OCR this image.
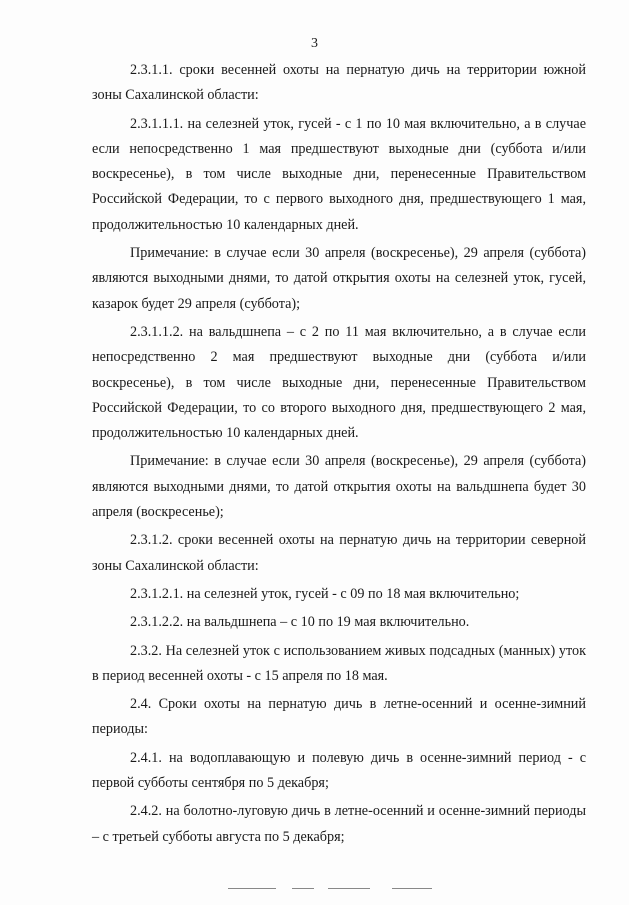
3

2.3.1.1. сроки весенней охоты на пернатую дичь на территории южной зоны Сахалинской области:

2.3.1.1.1. на селезней уток, гусей - с 1 по 10 мая включительно, а в случае если непосредственно 1 мая предшествуют выходные дни (суббота и/или воскресенье), в том числе выходные дни, перенесенные Правительством Российской Федерации, то с первого выходного дня, предшествующего 1 мая, продолжительностью 10 календарных дней.

Примечание: в случае если 30 апреля (воскресенье), 29 апреля (суббота) являются выходными днями, то датой открытия охоты на селезней уток, гусей, казарок будет 29 апреля (суббота);

2.3.1.1.2. на вальдшнепа – с 2 по 11 мая включительно, а в случае если непосредственно 2 мая предшествуют выходные дни (суббота и/или воскресенье), в том числе выходные дни, перенесенные Правительством Российской Федерации, то со второго выходного дня, предшествующего 2 мая, продолжительностью 10 календарных дней.

Примечание: в случае если 30 апреля (воскресенье), 29 апреля (суббота) являются выходными днями, то датой открытия охоты на вальдшнепа будет 30 апреля (воскресенье);

2.3.1.2. сроки весенней охоты на пернатую дичь на территории северной зоны Сахалинской области:

2.3.1.2.1. на селезней уток, гусей - с 09 по 18 мая включительно;

2.3.1.2.2. на вальдшнепа – с 10 по 19 мая включительно.

2.3.2. На селезней уток с использованием живых подсадных (манных) уток в период весенней охоты - с 15 апреля по 18 мая.

2.4. Сроки охоты на пернатую дичь в летне-осенний и осенне-зимний периоды:

2.4.1. на водоплавающую и полевую дичь в осенне-зимний период - с первой субботы сентября по 5 декабря;

2.4.2. на болотно-луговую дичь в летне-осенний и осенне-зимний периоды – с третьей субботы августа по 5 декабря;
